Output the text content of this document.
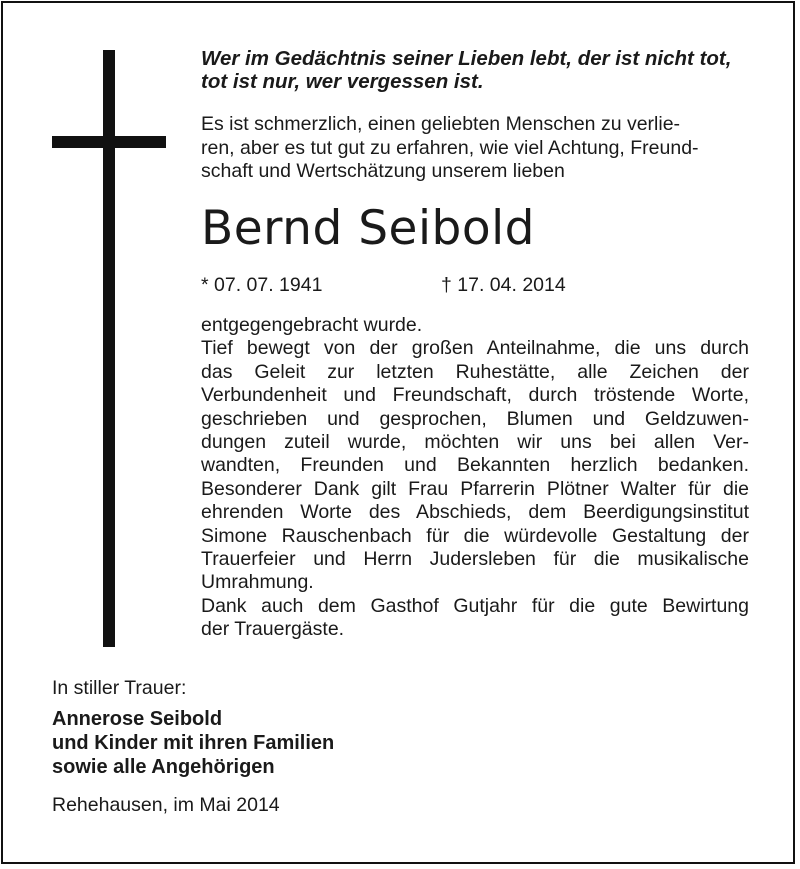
Wer im Gedächtnis seiner Lieben lebt, der ist nicht tot,
tot ist nur, wer vergessen ist.
Es ist schmerzlich, einen geliebten Menschen zu verlie-
ren, aber es tut gut zu erfahren, wie viel Achtung, Freund-
schaft und Wertschätzung unserem lieben
Bernd Seibold
* 07. 07. 1941	† 17. 04. 2014

entgegengebracht wurde.

Tief bewegt von der großen Anteilnahme, die uns durch

das Geleit zur letzten Ruhestätte, alle Zeichen der

Verbundenheit und Freundschaft, durch tröstende Worte,

geschrieben und gesprochen, Blumen und Geldzuwen-

dungen zuteil wurde, möchten wir uns bei allen Ver-

wandten, Freunden und Bekannten herzlich bedanken.

Besonderer Dank gilt Frau Pfarrerin Plötner Walter für die

ehrenden Worte des Abschieds, dem Beerdigungsinstitut

Simone Rauschenbach für die würdevolle Gestaltung der

Trauerfeier und Herrn Judersleben für die musikalische

Umrahmung.

Dank auch dem Gasthof Gutjahr für die gute Bewirtung

der Trauergäste.

In stiller Trauer:
Annerose Seibold
und Kinder mit ihren Familien
sowie alle Angehörigen
Rehehausen, im Mai 2014
